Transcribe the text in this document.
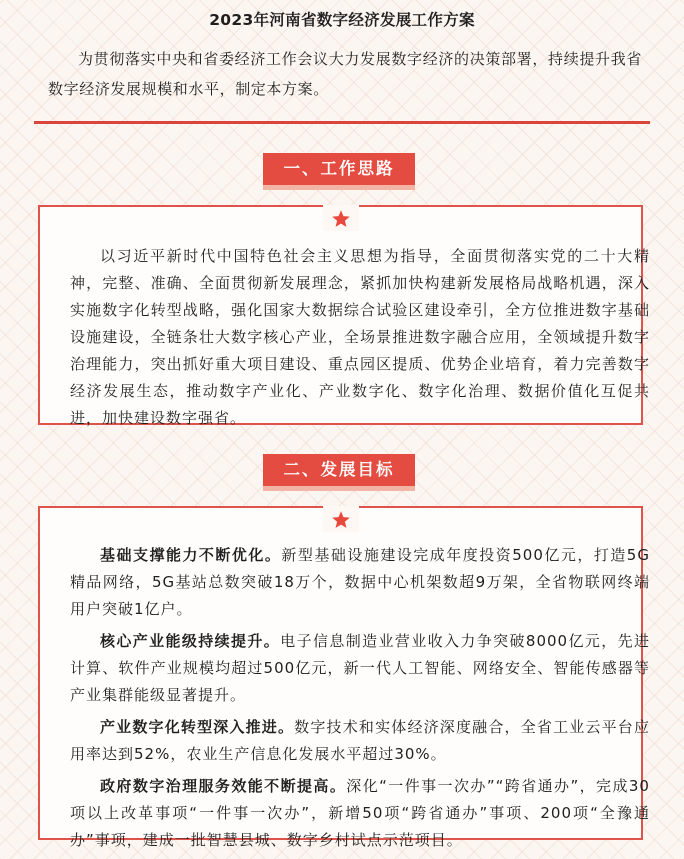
2023年河南省数字经济发展工作方案

为贯彻落实中央和省委经济工作会议大力发展数字经济的决策部署，持续提升我省数字经济发展规模和水平，制定本方案。

一、工作思路

以习近平新时代中国特色社会主义思想为指导，全面贯彻落实党的二十大精神，完整、准确、全面贯彻新发展理念，紧抓加快构建新发展格局战略机遇，深入实施数字化转型战略，强化国家大数据综合试验区建设牵引，全方位推进数字基础设施建设，全链条壮大数字核心产业，全场景推进数字融合应用，全领域提升数字治理能力，突出抓好重大项目建设、重点园区提质、优势企业培育，着力完善数字经济发展生态，推动数字产业化、产业数字化、数字化治理、数据价值化互促共进，加快建设数字强省。

二、发展目标

基础支撑能力不断优化。新型基础设施建设完成年度投资500亿元，打造5G精品网络，5G基站总数突破18万个，数据中心机架数超9万架，全省物联网终端用户突破1亿户。

核心产业能级持续提升。电子信息制造业营业收入力争突破8000亿元，先进计算、软件产业规模均超过500亿元，新一代人工智能、网络安全、智能传感器等产业集群能级显著提升。

产业数字化转型深入推进。数字技术和实体经济深度融合，全省工业云平台应用率达到52%，农业生产信息化发展水平超过30%。

政府数字治理服务效能不断提高。深化“一件事一次办”“跨省通办”，完成30项以上改革事项“一件事一次办”，新增50项“跨省通办”事项、200项“全豫通办”事项，建成一批智慧县城、数字乡村试点示范项目。
